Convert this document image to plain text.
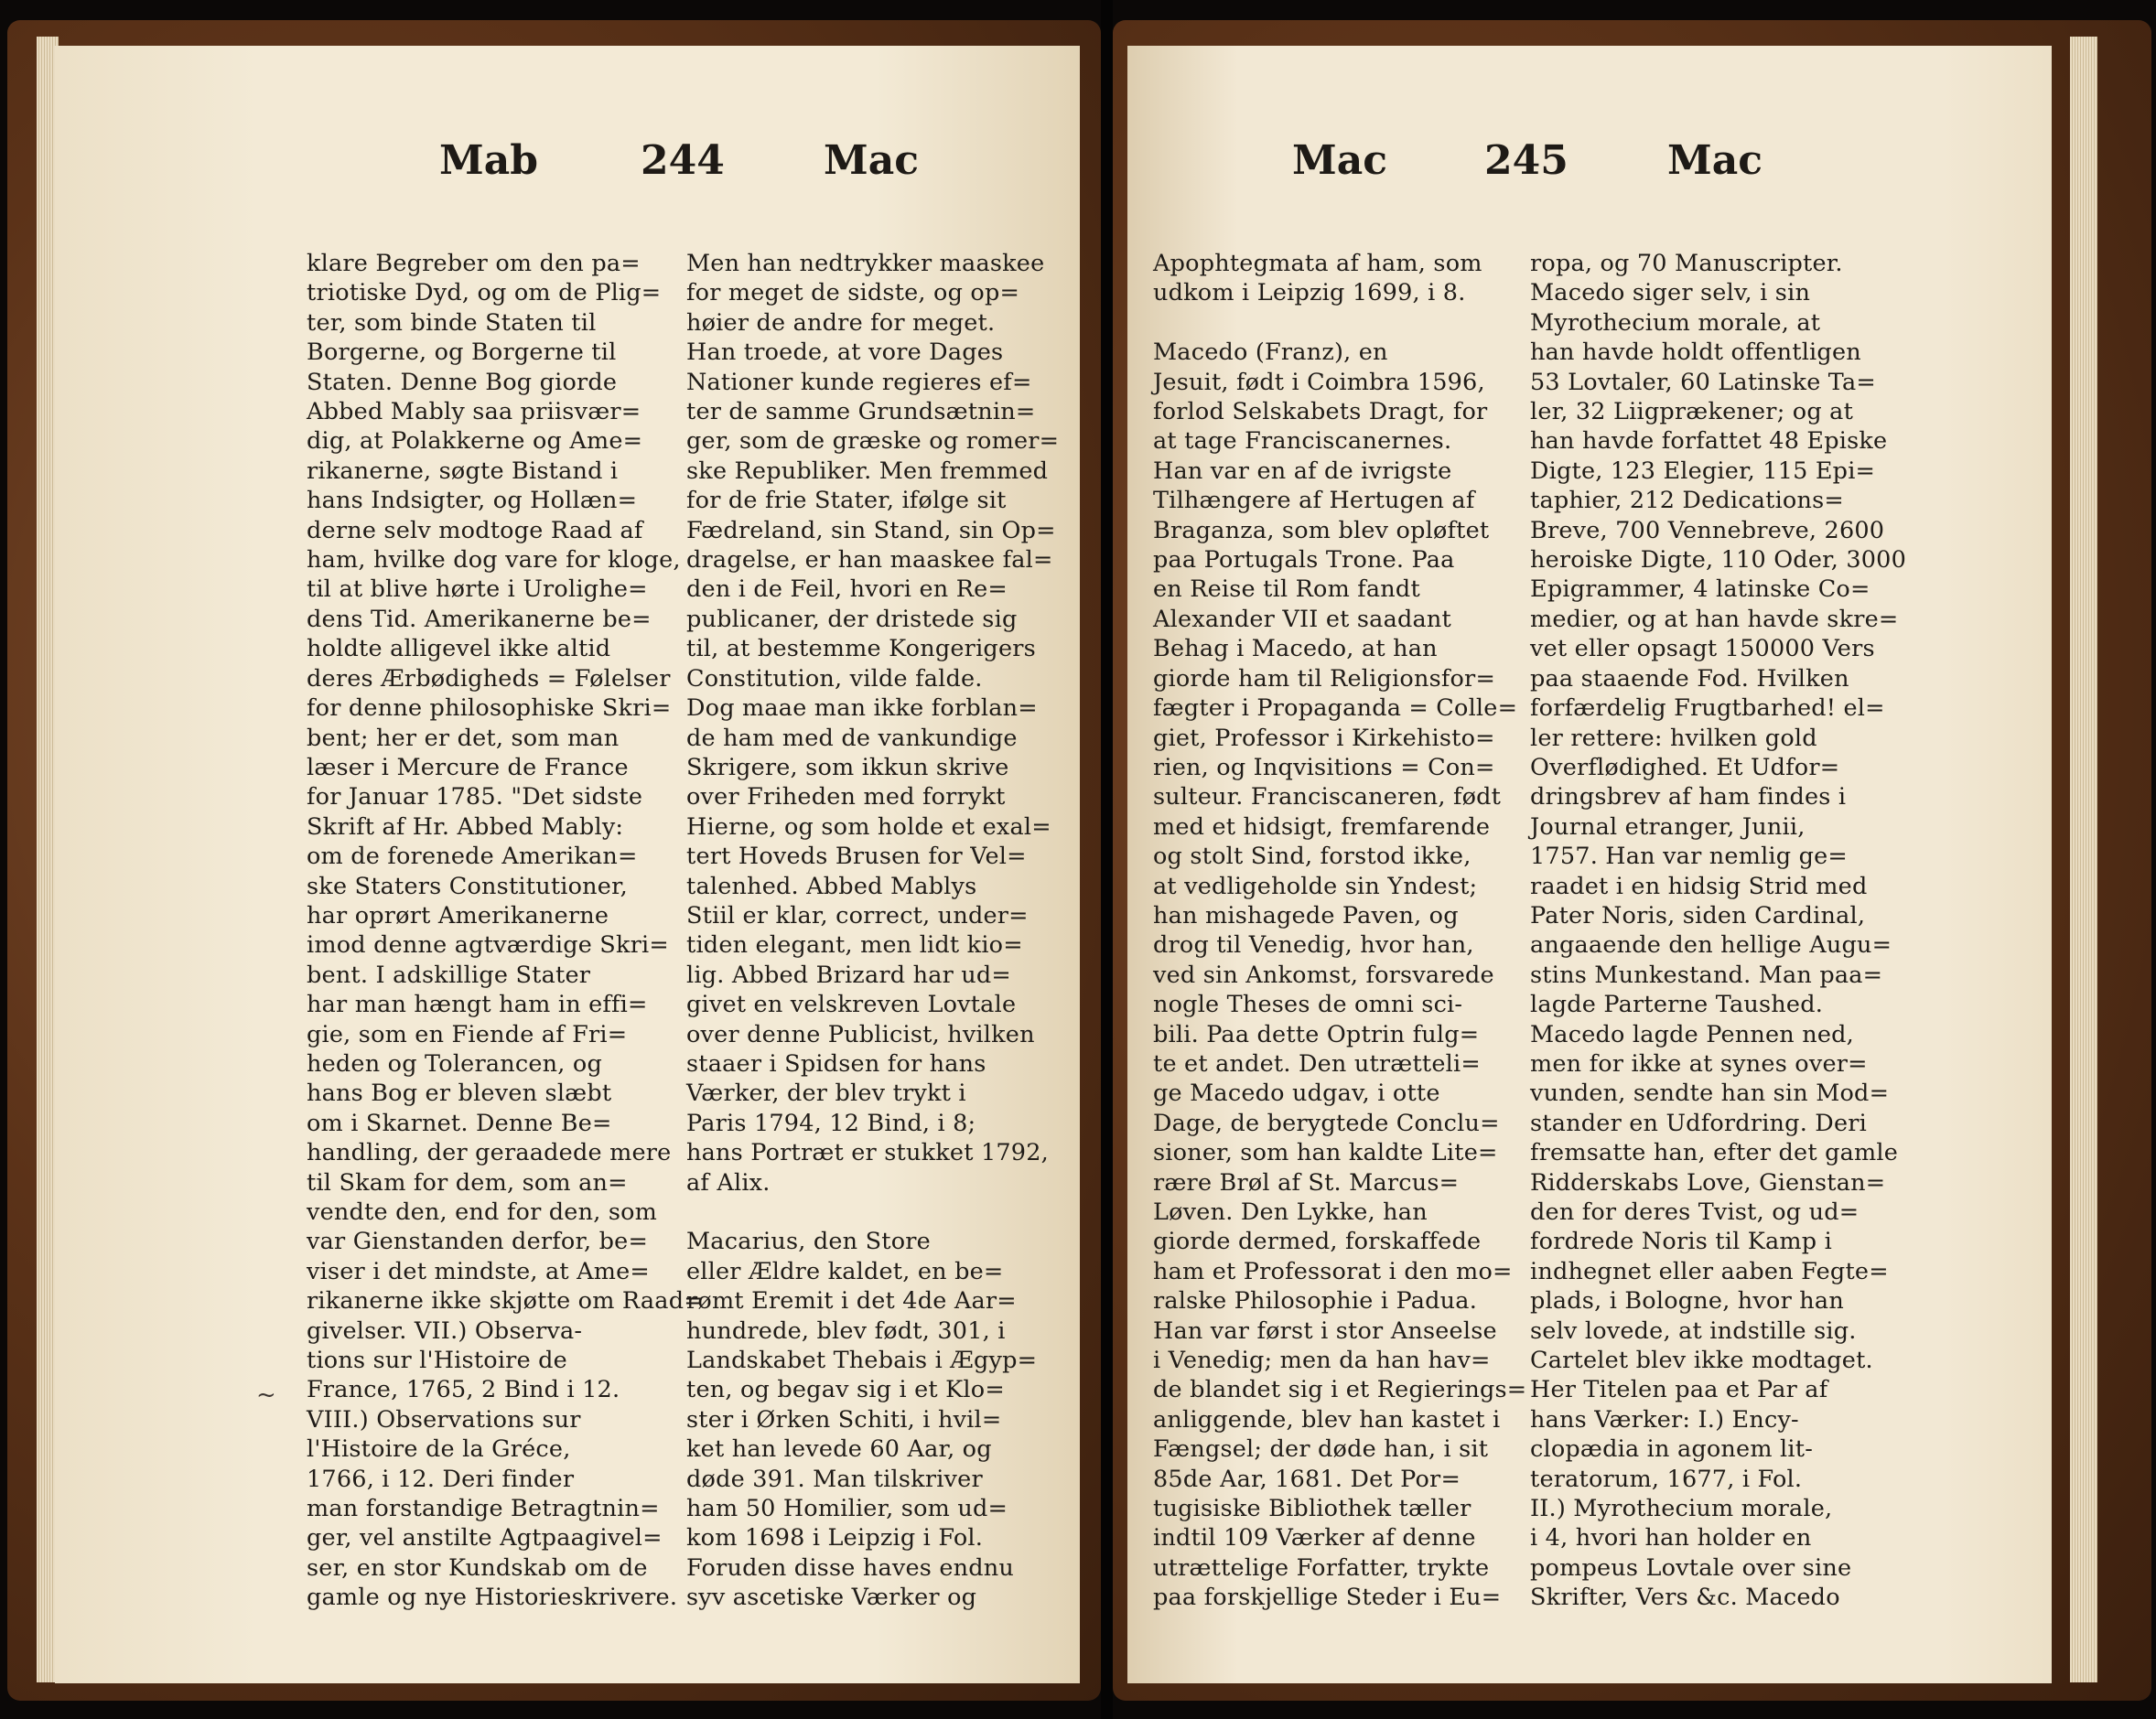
Mab	244 Mac
klare Begreber om den pa=
triotiske Dyd, og om de Plig=
ter, som binde Staten til
Borgerne, og Borgerne til
Staten. Denne Bog giorde
Abbed Mably saa priisvær=
dig, at Polakkerne og Ame=
rikanerne, søgte Bistand i
hans Indsigter, og Hollæn=
derne selv modtoge Raad af
ham, hvilke dog vare for kloge,
til at blive hørte i Urolighe=
dens Tid. Amerikanerne be=
holdte alligevel ikke altid
deres Ærbødigheds = Følelser
for denne philosophiske Skri=
bent; her er det, som man
læser i Mercure de France
for Januar 1785. "Det sidste
Skrift af Hr. Abbed Mably:
om de forenede Amerikan=
ske Staters Constitutioner,
har oprørt Amerikanerne
imod denne agtværdige Skri=
bent. I adskillige Stater
har man hængt ham in effi=
gie, som en Fiende af Fri=
heden og Tolerancen, og
hans Bog er bleven slæbt
om i Skarnet. Denne Be=
handling, der geraadede mere
til Skam for dem, som an=
vendte den, end for den, som
var Gienstanden derfor, be=
viser i det mindste, at Ame=
rikanerne ikke skjøtte om Raad=
givelser. VII.) Observa-
tions sur l'Histoire de
France, 1765, 2 Bind i 12.
VIII.) Observations sur
l'Histoire de la Gréce,
1766, i 12. Deri finder
man forstandige Betragtnin=
ger, vel anstilte Agtpaagivel=
ser, en stor Kundskab om de
gamle og nye Historieskrivere.
Men han nedtrykker maaskee
for meget de sidste, og op=
høier de andre for meget.
Han troede, at vore Dages
Nationer kunde regieres ef=
ter de samme Grundsætnin=
ger, som de græske og romer=
ske Republiker. Men fremmed
for de frie Stater, ifølge sit
Fædreland, sin Stand, sin Op=
dragelse, er han maaskee fal=
den i de Feil, hvori en Re=
publicaner, der dristede sig
til, at bestemme Kongerigers
Constitution, vilde falde.
Dog maae man ikke forblan=
de ham med de vankundige
Skrigere, som ikkun skrive
over Friheden med forrykt
Hierne, og som holde et exal=
tert Hoveds Brusen for Vel=
talenhed. Abbed Mablys
Stiil er klar, correct, under=
tiden elegant, men lidt kio=
lig. Abbed Brizard har ud=
givet en velskreven Lovtale
over denne Publicist, hvilken
staaer i Spidsen for hans
Værker, der blev trykt i
Paris 1794, 12 Bind, i 8;
hans Portræt er stukket 1792,
af Alix.

Macarius, den Store
eller Ældre kaldet, en be=
rømt Eremit i det 4de Aar=
hundrede, blev født, 301, i
Landskabet Thebais i Ægyp=
ten, og begav sig i et Klo=
ster i Ørken Schiti, i hvil=
ket han levede 60 Aar, og
døde 391. Man tilskriver
ham 50 Homilier, som ud=
kom 1698 i Leipzig i Fol.
Foruden disse haves endnu
syv ascetiske Værker og
~
Mac 245 Mac
Apophtegmata af ham, som
udkom i Leipzig 1699, i 8.

Macedo (Franz), en
Jesuit, født i Coimbra 1596,
forlod Selskabets Dragt, for
at tage Franciscanernes.
Han var en af de ivrigste
Tilhængere af Hertugen af
Braganza, som blev opløftet
paa Portugals Trone. Paa
en Reise til Rom fandt
Alexander VII et saadant
Behag i Macedo, at han
giorde ham til Religionsfor=
fægter i Propaganda = Colle=
giet, Professor i Kirkehisto=
rien, og Inqvisitions = Con=
sulteur. Franciscaneren, født
med et hidsigt, fremfarende
og stolt Sind, forstod ikke,
at vedligeholde sin Yndest;
han mishagede Paven, og
drog til Venedig, hvor han,
ved sin Ankomst, forsvarede
nogle Theses de omni sci-
bili. Paa dette Optrin fulg=
te et andet. Den utrætteli=
ge Macedo udgav, i otte
Dage, de berygtede Conclu=
sioner, som han kaldte Lite=
rære Brøl af St. Marcus=
Løven. Den Lykke, han
giorde dermed, forskaffede
ham et Professorat i den mo=
ralske Philosophie i Padua.
Han var først i stor Anseelse
i Venedig; men da han hav=
de blandet sig i et Regierings=
anliggende, blev han kastet i
Fængsel; der døde han, i sit
85de Aar, 1681. Det Por=
tugisiske Bibliothek tæller
indtil 109 Værker af denne
utrættelige Forfatter, trykte
paa forskjellige Steder i Eu=
ropa, og 70 Manuscripter.
Macedo siger selv, i sin
Myrothecium morale, at
han havde holdt offentligen
53 Lovtaler, 60 Latinske Ta=
ler, 32 Liigprækener; og at
han havde forfattet 48 Episke
Digte, 123 Elegier, 115 Epi=
taphier, 212 Dedications=
Breve, 700 Vennebreve, 2600
heroiske Digte, 110 Oder, 3000
Epigrammer, 4 latinske Co=
medier, og at han havde skre=
vet eller opsagt 150000 Vers
paa staaende Fod. Hvilken
forfærdelig Frugtbarhed! el=
ler rettere: hvilken gold
Overflødighed. Et Udfor=
dringsbrev af ham findes i
Journal etranger, Junii,
1757. Han var nemlig ge=
raadet i en hidsig Strid med
Pater Noris, siden Cardinal,
angaaende den hellige Augu=
stins Munkestand. Man paa=
lagde Parterne Taushed.
Macedo lagde Pennen ned,
men for ikke at synes over=
vunden, sendte han sin Mod=
stander en Udfordring. Deri
fremsatte han, efter det gamle
Ridderskabs Love, Gienstan=
den for deres Tvist, og ud=
fordrede Noris til Kamp i
indhegnet eller aaben Fegte=
plads, i Bologne, hvor han
selv lovede, at indstille sig.
Cartelet blev ikke modtaget.
Her Titelen paa et Par af
hans Værker: I.) Ency-
clopædia in agonem lit-
teratorum, 1677, i Fol.
II.) Myrothecium morale,
i 4, hvori han holder en
pompeus Lovtale over sine
Skrifter, Vers &c. Macedo
